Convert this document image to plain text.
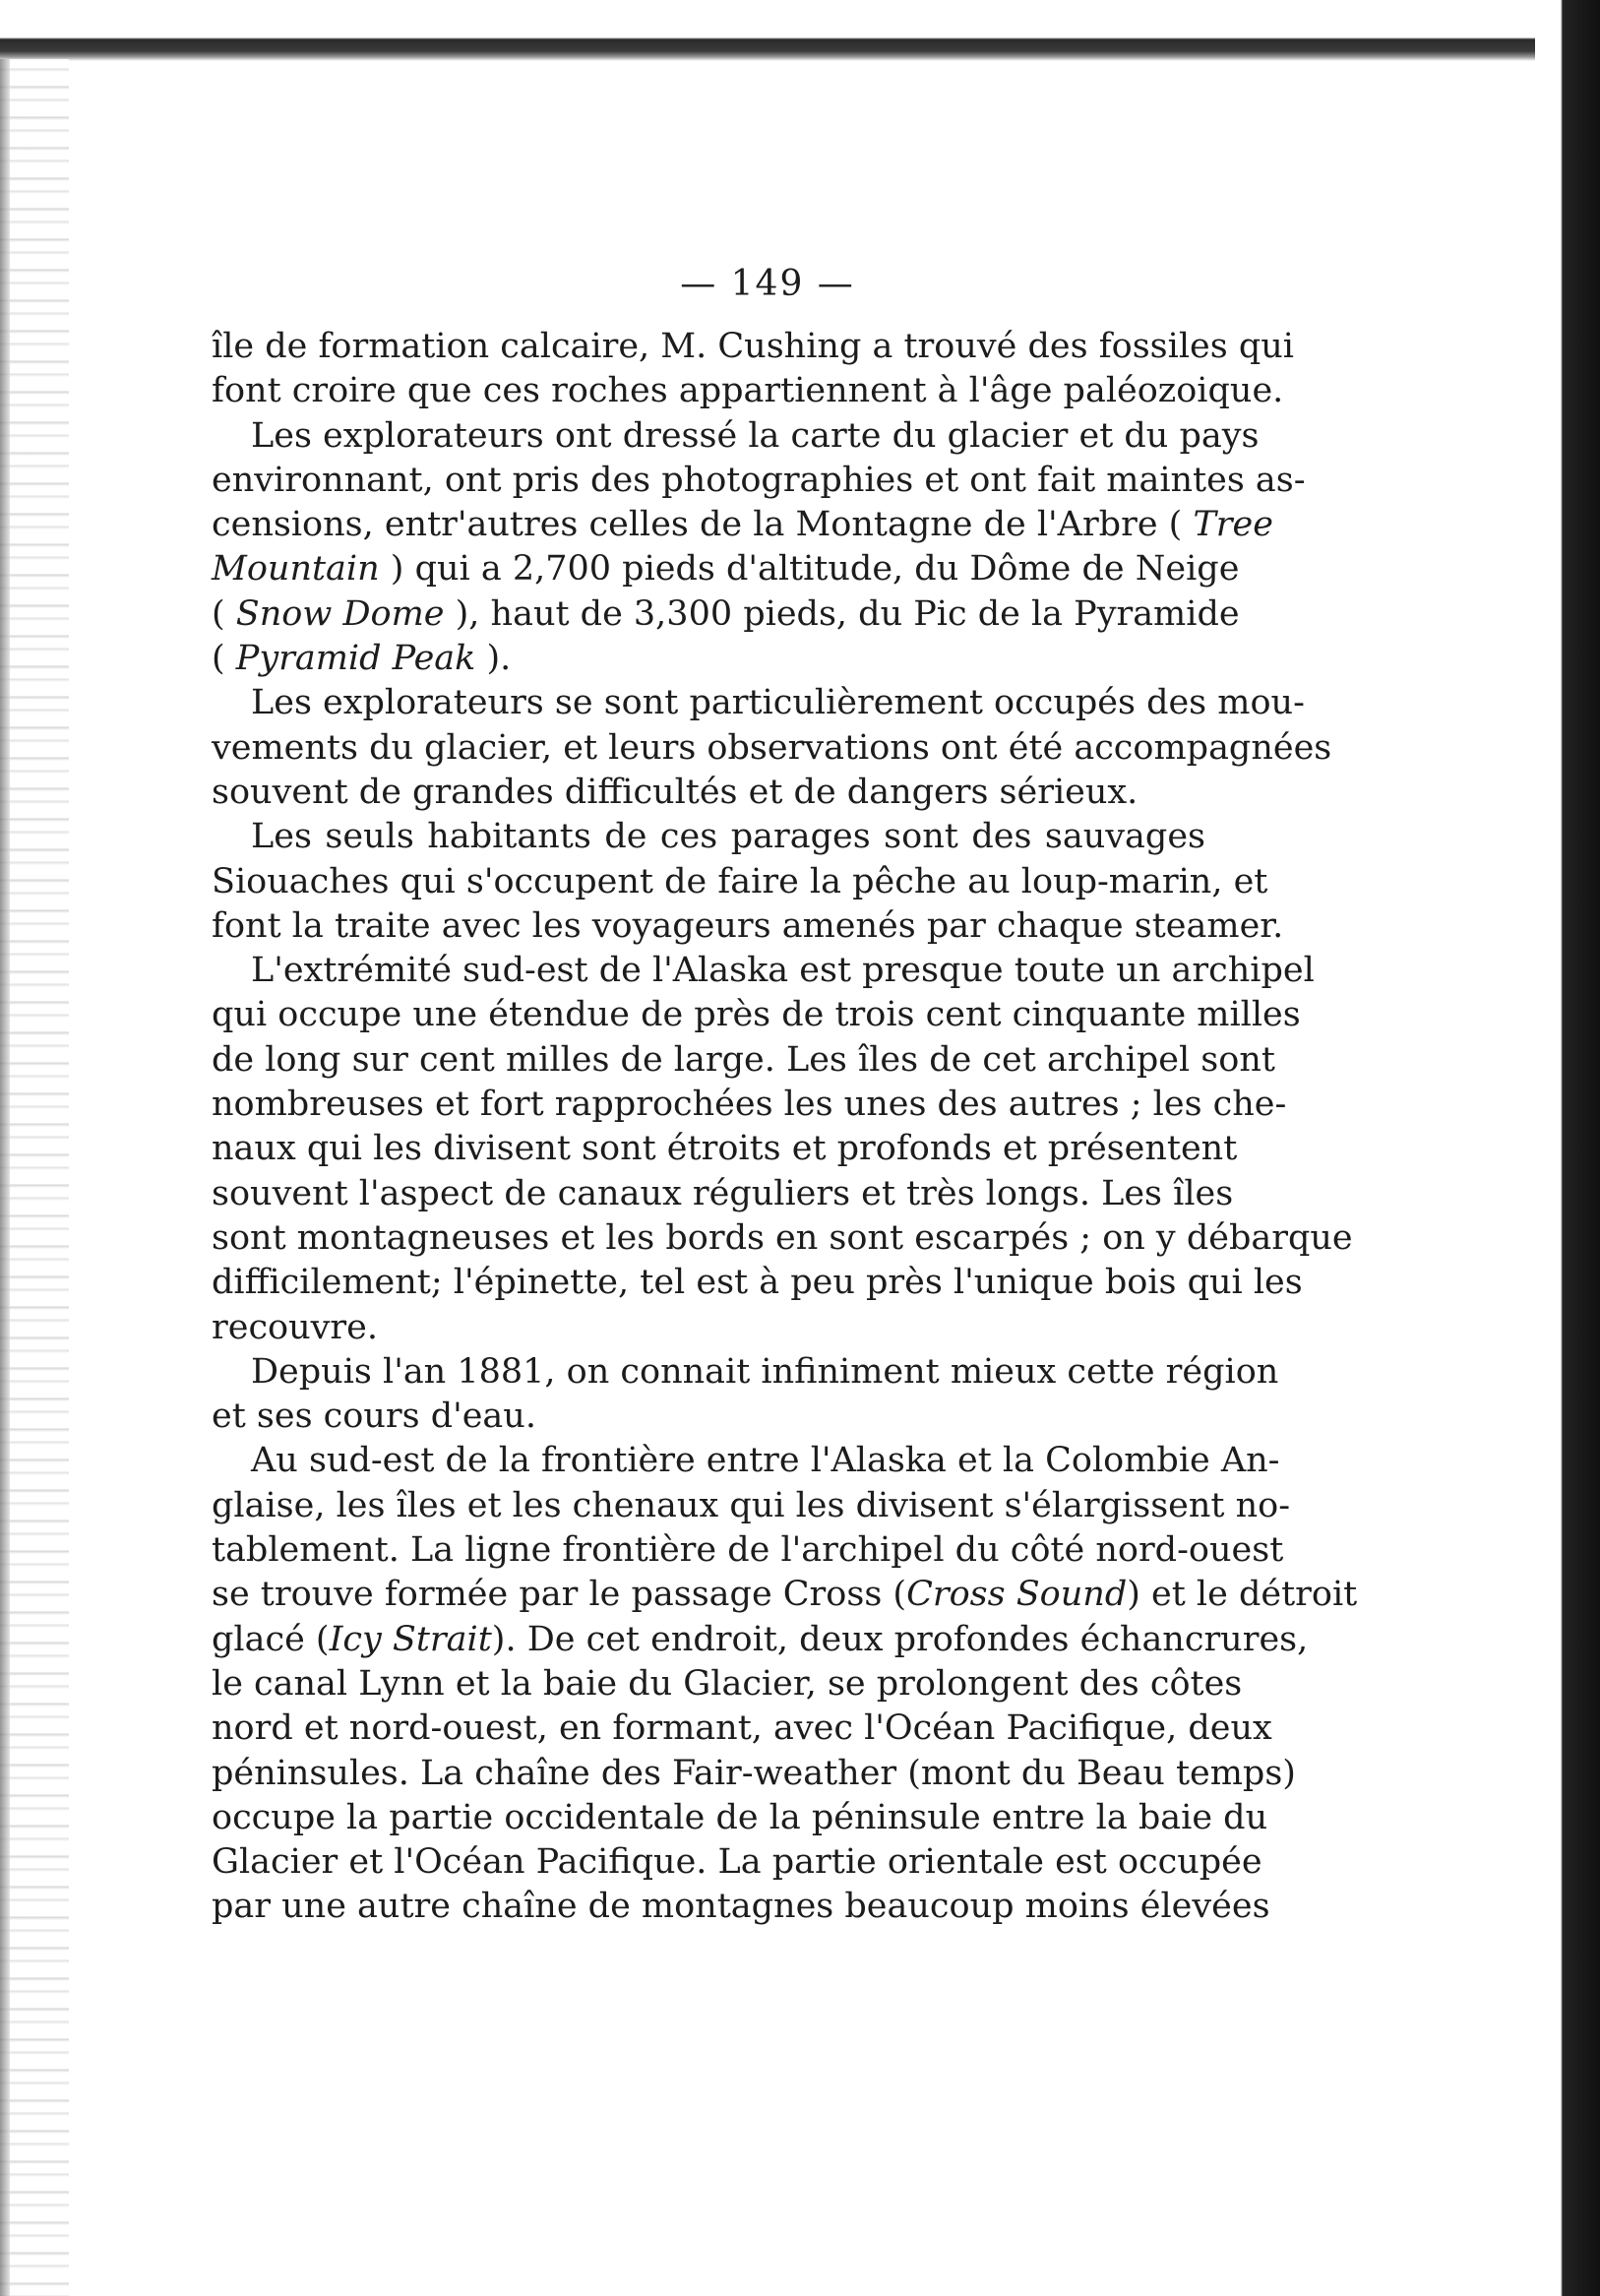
— 149 —
île de formation calcaire, M. Cushing a trouvé des fossiles qui
font croire que ces roches appartiennent à l'âge paléozoique.
Les explorateurs ont dressé la carte du glacier et du pays
environnant, ont pris des photographies et ont fait maintes as-
censions, entr'autres celles de la Montagne de l'Arbre ( Tree
Mountain ) qui a 2,700 pieds d'altitude, du Dôme de Neige
( Snow Dome ), haut de 3,300 pieds, du Pic de la Pyramide
( Pyramid Peak ).
Les explorateurs se sont particulièrement occupés des mou-
vements du glacier, et leurs observations ont été accompagnées
souvent de grandes difficultés et de dangers sérieux.
Les seuls habitants de ces parages sont des sauvages
Siouaches qui s'occupent de faire la pêche au loup-marin, et
font la traite avec les voyageurs amenés par chaque steamer.
L'extrémité sud-est de l'Alaska est presque toute un archipel
qui occupe une étendue de près de trois cent cinquante milles
de long sur cent milles de large. Les îles de cet archipel sont
nombreuses et fort rapprochées les unes des autres ; les che-
naux qui les divisent sont étroits et profonds et présentent
souvent l'aspect de canaux réguliers et très longs. Les îles
sont montagneuses et les bords en sont escarpés ; on y débarque
difficilement; l'épinette, tel est à peu près l'unique bois qui les
recouvre.
Depuis l'an 1881, on connait infiniment mieux cette région
et ses cours d'eau.
Au sud-est de la frontière entre l'Alaska et la Colombie An-
glaise, les îles et les chenaux qui les divisent s'élargissent no-
tablement. La ligne frontière de l'archipel du côté nord-ouest
se trouve formée par le passage Cross (Cross Sound) et le détroit
glacé (Icy Strait). De cet endroit, deux profondes échancrures,
le canal Lynn et la baie du Glacier, se prolongent des côtes
nord et nord-ouest, en formant, avec l'Océan Pacifique, deux
péninsules. La chaîne des Fair-weather (mont du Beau temps)
occupe la partie occidentale de la péninsule entre la baie du
Glacier et l'Océan Pacifique. La partie orientale est occupée
par une autre chaîne de montagnes beaucoup moins élevées
